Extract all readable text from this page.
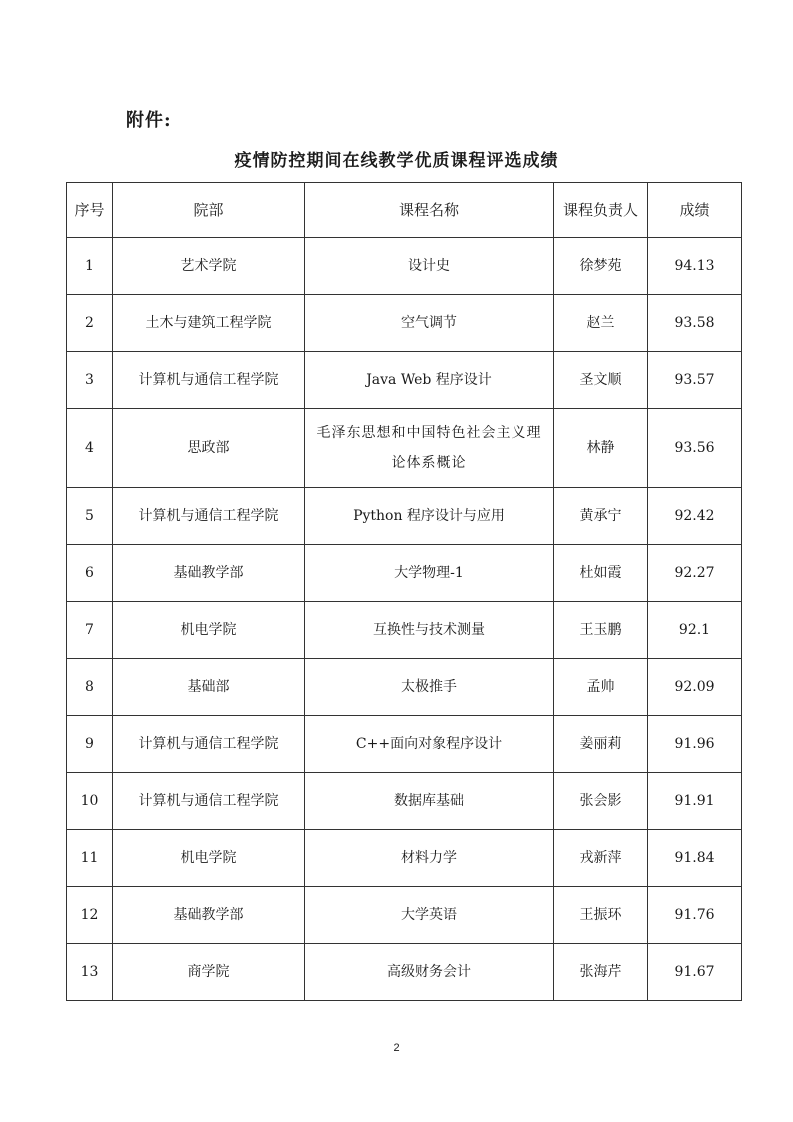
附件:
疫情防控期间在线教学优质课程评选成绩
序号	院部	课程名称	课程负责人	成绩
1	艺术学院	设计史	徐梦苑	94.13
2	土木与建筑工程学院	空气调节	赵兰	93.58
3	计算机与通信工程学院	Java Web 程序设计	圣文顺	93.57
4	思政部	毛泽东思想和中国特色社会主义理论体系概论	林静	93.56
5	计算机与通信工程学院	Python 程序设计与应用	黄承宁	92.42
6	基础教学部	大学物理-1	杜如霞	92.27
7	机电学院	互换性与技术测量	王玉鹏	92.1
8	基础部	太极推手	孟帅	92.09
9	计算机与通信工程学院	C++面向对象程序设计	姜丽莉	91.96
10	计算机与通信工程学院	数据库基础	张会影	91.91
11	机电学院	材料力学	戎新萍	91.84
12	基础教学部	大学英语	王振环	91.76
13	商学院	高级财务会计	张海芹	91.67
2
